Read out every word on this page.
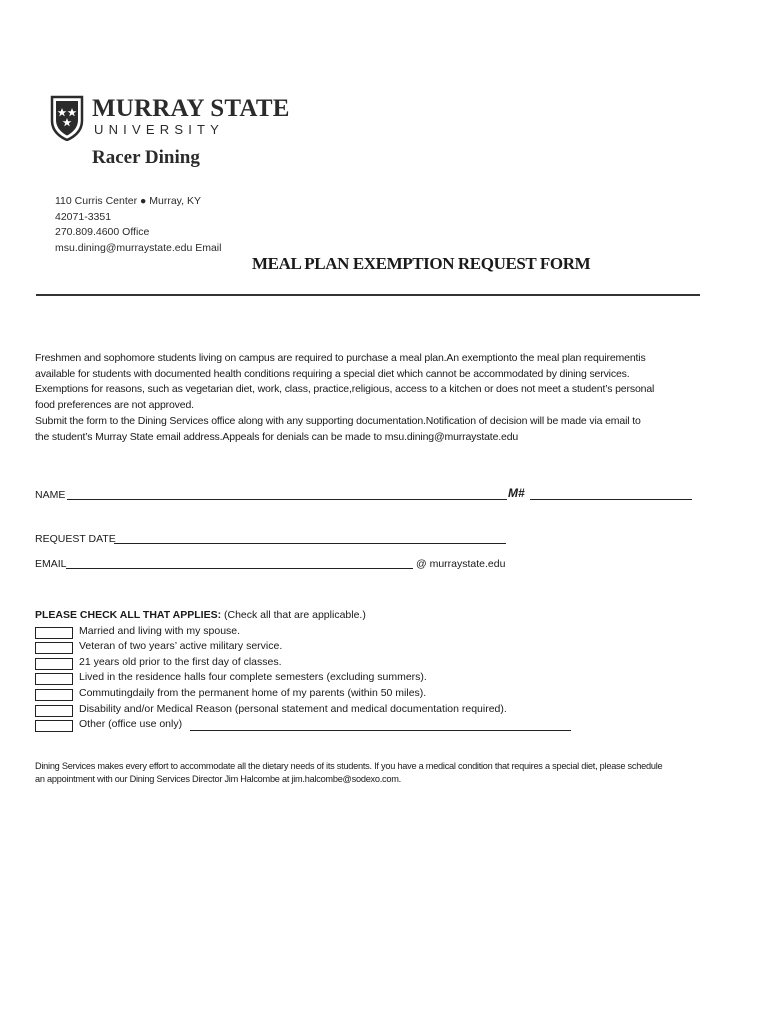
MURRAY STATE
UNIVERSITY
Racer Dining
110 Curris Center ● Murray, KY
42071-3351
270.809.4600 Office
msu.dining@murraystate.edu Email
MEAL PLAN EXEMPTION REQUEST FORM
Freshmen and sophomore students living on campus are required to purchase a meal plan.An exemptionto the meal plan requirementis
available for students with documented health conditions requiring a special diet which cannot be accommodated by dining services.
Exemptions for reasons, such as vegetarian diet, work, class, practice,religious, access to a kitchen or does not meet a student’s personal
food preferences are not approved.
Submit the form to the Dining Services office along with any supporting documentation.Notification of decision will be made via email to
the student’s Murray State email address.Appeals for denials can be made to msu.dining@murraystate.edu
NAME	M#
REQUEST DATE
EMAIL	@ murraystate.edu
PLEASE CHECK ALL THAT APPLIES: (Check all that are applicable.)
Married and living with my spouse.
Veteran of two years’ active military service.
21 years old prior to the first day of classes.
Lived in the residence halls four complete semesters (excluding summers).
Commutingdaily from the permanent home of my parents (within 50 miles).
Disability and/or Medical Reason (personal statement and medical documentation required).
Other (office use only)
Dining Services makes every effort to accommodate all the dietary needs of its students. If you have a medical condition that requires a special diet, please schedule
an appointment with our Dining Services Director Jim Halcombe at jim.halcombe@sodexo.com.
